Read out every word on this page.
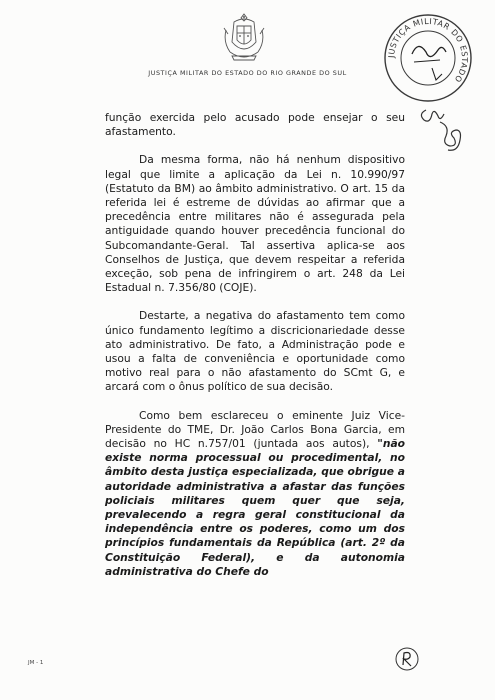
JUSTIÇA MILITAR DO ESTADO DO RIO GRANDE DO SUL
JUSTIÇA MILITAR DO ESTADO

função exercida pelo acusado pode ensejar o seu afastamento.

Da mesma forma, não há nenhum dispositivo legal que limite a aplicação da Lei n. 10.990/97 (Estatuto da BM) ao âmbito administrativo. O art. 15 da referida lei é estreme de dúvidas ao afirmar que a precedência entre militares não é assegurada pela antiguidade quando houver precedência funcional do Subcomandante-Geral. Tal assertiva aplica-se aos Conselhos de Justiça, que devem respeitar a referida exceção, sob pena de infringirem o art. 248 da Lei Estadual n. 7.356/80 (COJE).

Destarte, a negativa do afastamento tem como único fundamento legítimo a discricionariedade desse ato administrativo. De fato, a Administração pode e usou a falta de conveniência e oportunidade como motivo real para o não afastamento do SCmt G, e arcará com o ônus político de sua decisão.

Como bem esclareceu o eminente Juiz Vice-Presidente do TME, Dr. João Carlos Bona Garcia, em decisão no HC n.757/01 (juntada aos autos), "não existe norma processual ou procedimental, no âmbito desta justiça especializada, que obrigue a autoridade administrativa a afastar das funções policiais militares quem quer que seja, prevalecendo a regra geral constitucional da independência entre os poderes, como um dos princípios fundamentais da República (art. 2º da Constituição Federal), e da autonomia administrativa do Chefe do

JM - 1
